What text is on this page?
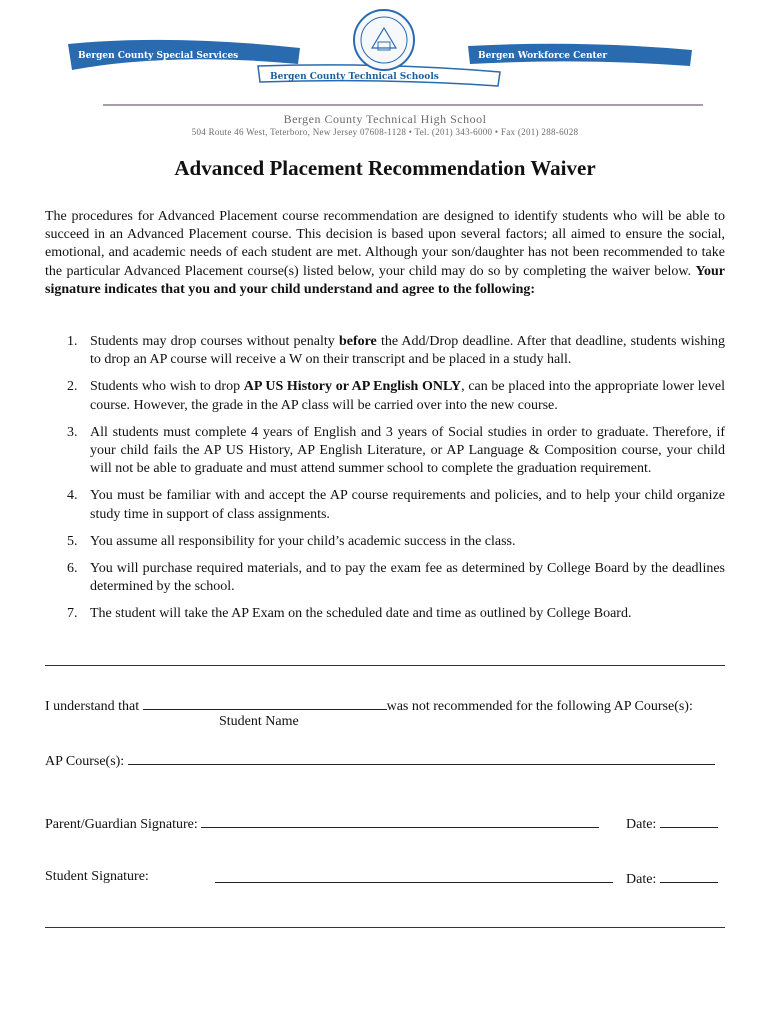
Bergen County Special Services
Bergen County Technical Schools
Bergen Workforce Center
Bergen County Technical High School
504 Route 46 West, Teterboro, New Jersey 07608-1128 • Tel. (201) 343-6000 • Fax (201) 288-6028
Advanced Placement Recommendation Waiver
The procedures for Advanced Placement course recommendation are designed to identify students who will be able to succeed in an Advanced Placement course. This decision is based upon several factors; all aimed to ensure the social, emotional, and academic needs of each student are met. Although your son/daughter has not been recommended to take the particular Advanced Placement course(s) listed below, your child may do so by completing the waiver below. Your signature indicates that you and your child understand and agree to the following:
1. Students may drop courses without penalty before the Add/Drop deadline. After that deadline, students wishing to drop an AP course will receive a W on their transcript and be placed in a study hall.
2. Students who wish to drop AP US History or AP English ONLY, can be placed into the appropriate lower level course. However, the grade in the AP class will be carried over into the new course.
3. All students must complete 4 years of English and 3 years of Social studies in order to graduate. Therefore, if your child fails the AP US History, AP English Literature, or AP Language & Composition course, your child will not be able to graduate and must attend summer school to complete the graduation requirement.
4. You must be familiar with and accept the AP course requirements and policies, and to help your child organize study time in support of class assignments.
5. You assume all responsibility for your child’s academic success in the class.
6. You will purchase required materials, and to pay the exam fee as determined by College Board by the deadlines determined by the school.
7. The student will take the AP Exam on the scheduled date and time as outlined by College Board.
I understand that	was not recommended for the following AP Course(s):
Student Name
AP Course(s):
Parent/Guardian Signature:	Date:
Student Signature:	Date:
